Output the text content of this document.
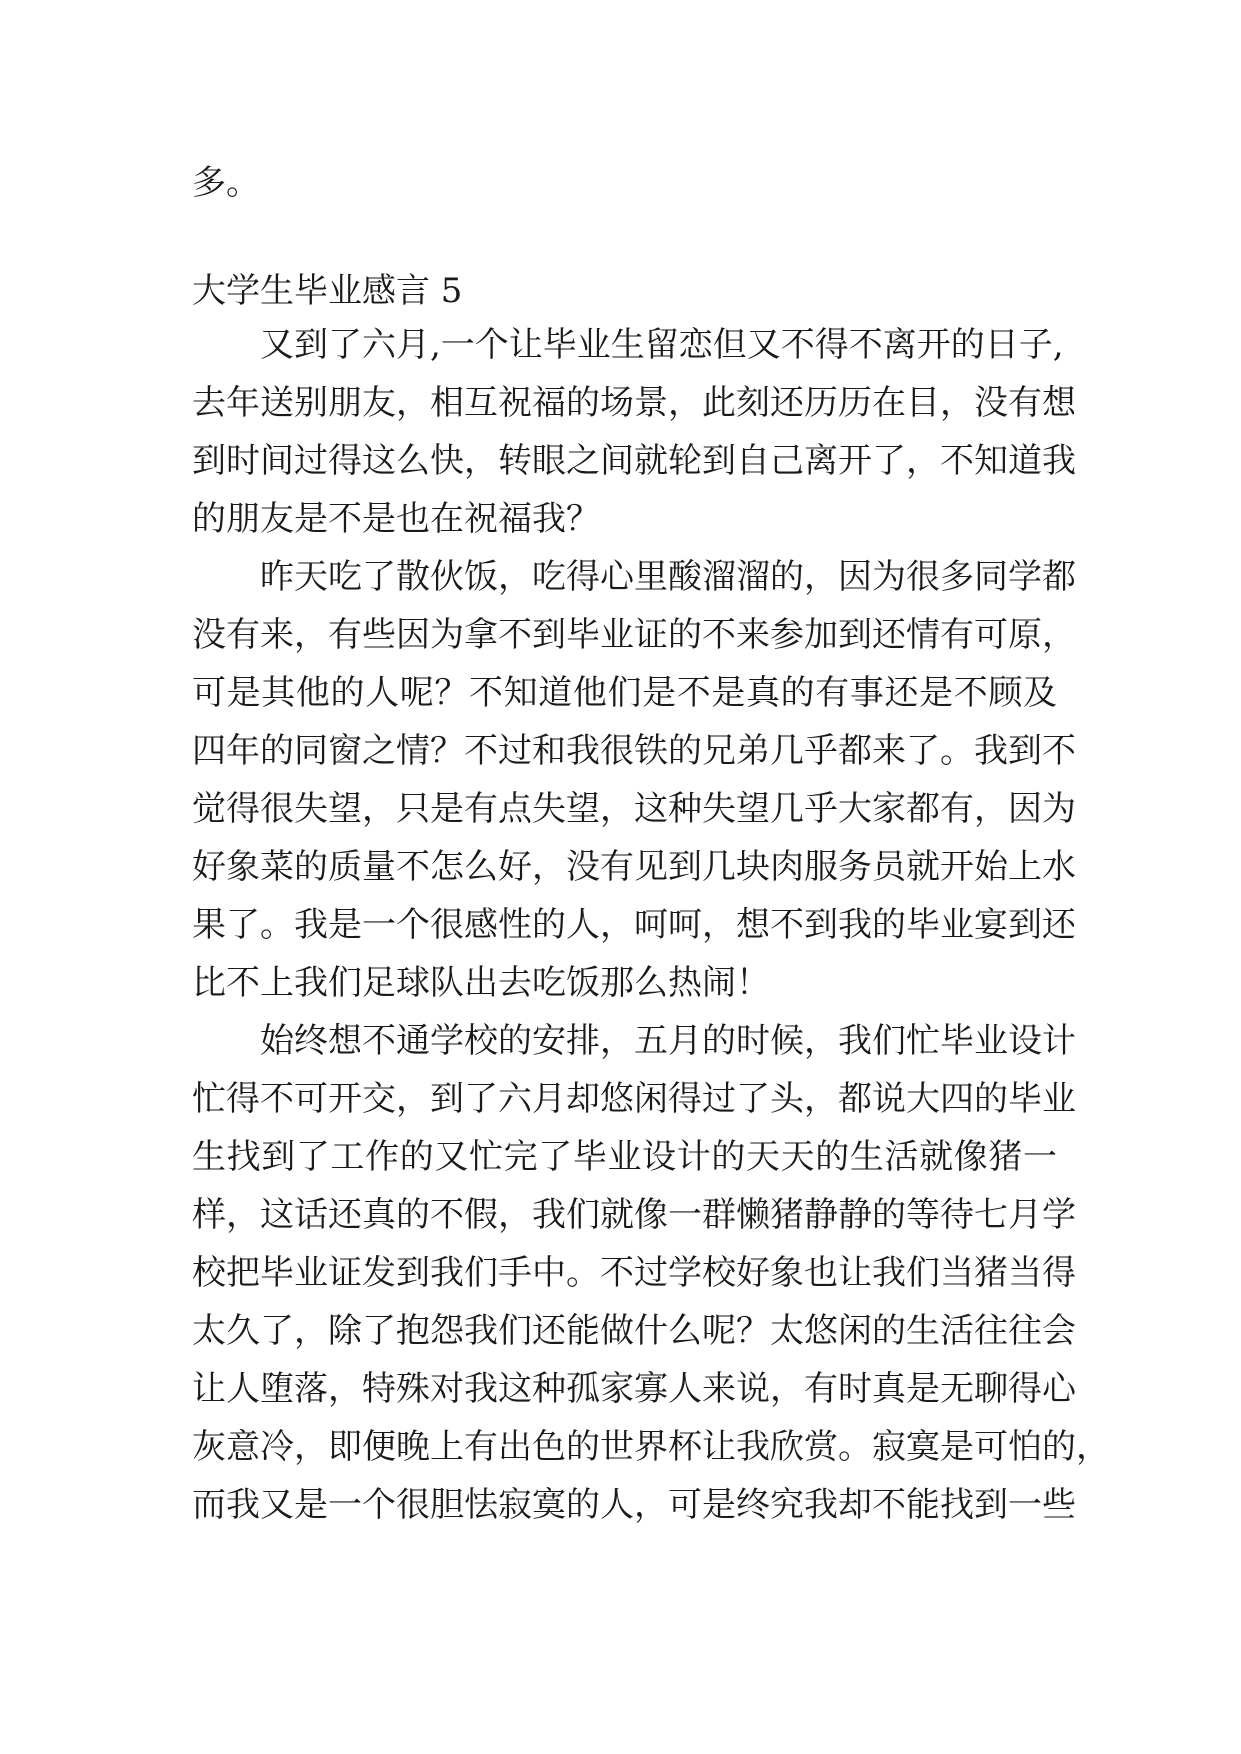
多。
大学生毕业感言 5
又到了六月,一个让毕业生留恋但又不得不离开的日子,
去年送别朋友，相互祝福的场景，此刻还历历在目，没有想
到时间过得这么快，转眼之间就轮到自己离开了，不知道我
的朋友是不是也在祝福我？
昨天吃了散伙饭，吃得心里酸溜溜的，因为很多同学都
没有来，有些因为拿不到毕业证的不来参加到还情有可原，
可是其他的人呢？不知道他们是不是真的有事还是不顾及
四年的同窗之情？不过和我很铁的兄弟几乎都来了。我到不
觉得很失望，只是有点失望，这种失望几乎大家都有，因为
好象菜的质量不怎么好，没有见到几块肉服务员就开始上水
果了。我是一个很感性的人，呵呵，想不到我的毕业宴到还
比不上我们足球队出去吃饭那么热闹！
始终想不通学校的安排，五月的时候，我们忙毕业设计
忙得不可开交，到了六月却悠闲得过了头，都说大四的毕业
生找到了工作的又忙完了毕业设计的天天的生活就像猪一
样，这话还真的不假，我们就像一群懒猪静静的等待七月学
校把毕业证发到我们手中。不过学校好象也让我们当猪当得
太久了，除了抱怨我们还能做什么呢？太悠闲的生活往往会
让人堕落，特殊对我这种孤家寡人来说，有时真是无聊得心
灰意冷，即便晚上有出色的世界杯让我欣赏。寂寞是可怕的，
而我又是一个很胆怯寂寞的人，可是终究我却不能找到一些
